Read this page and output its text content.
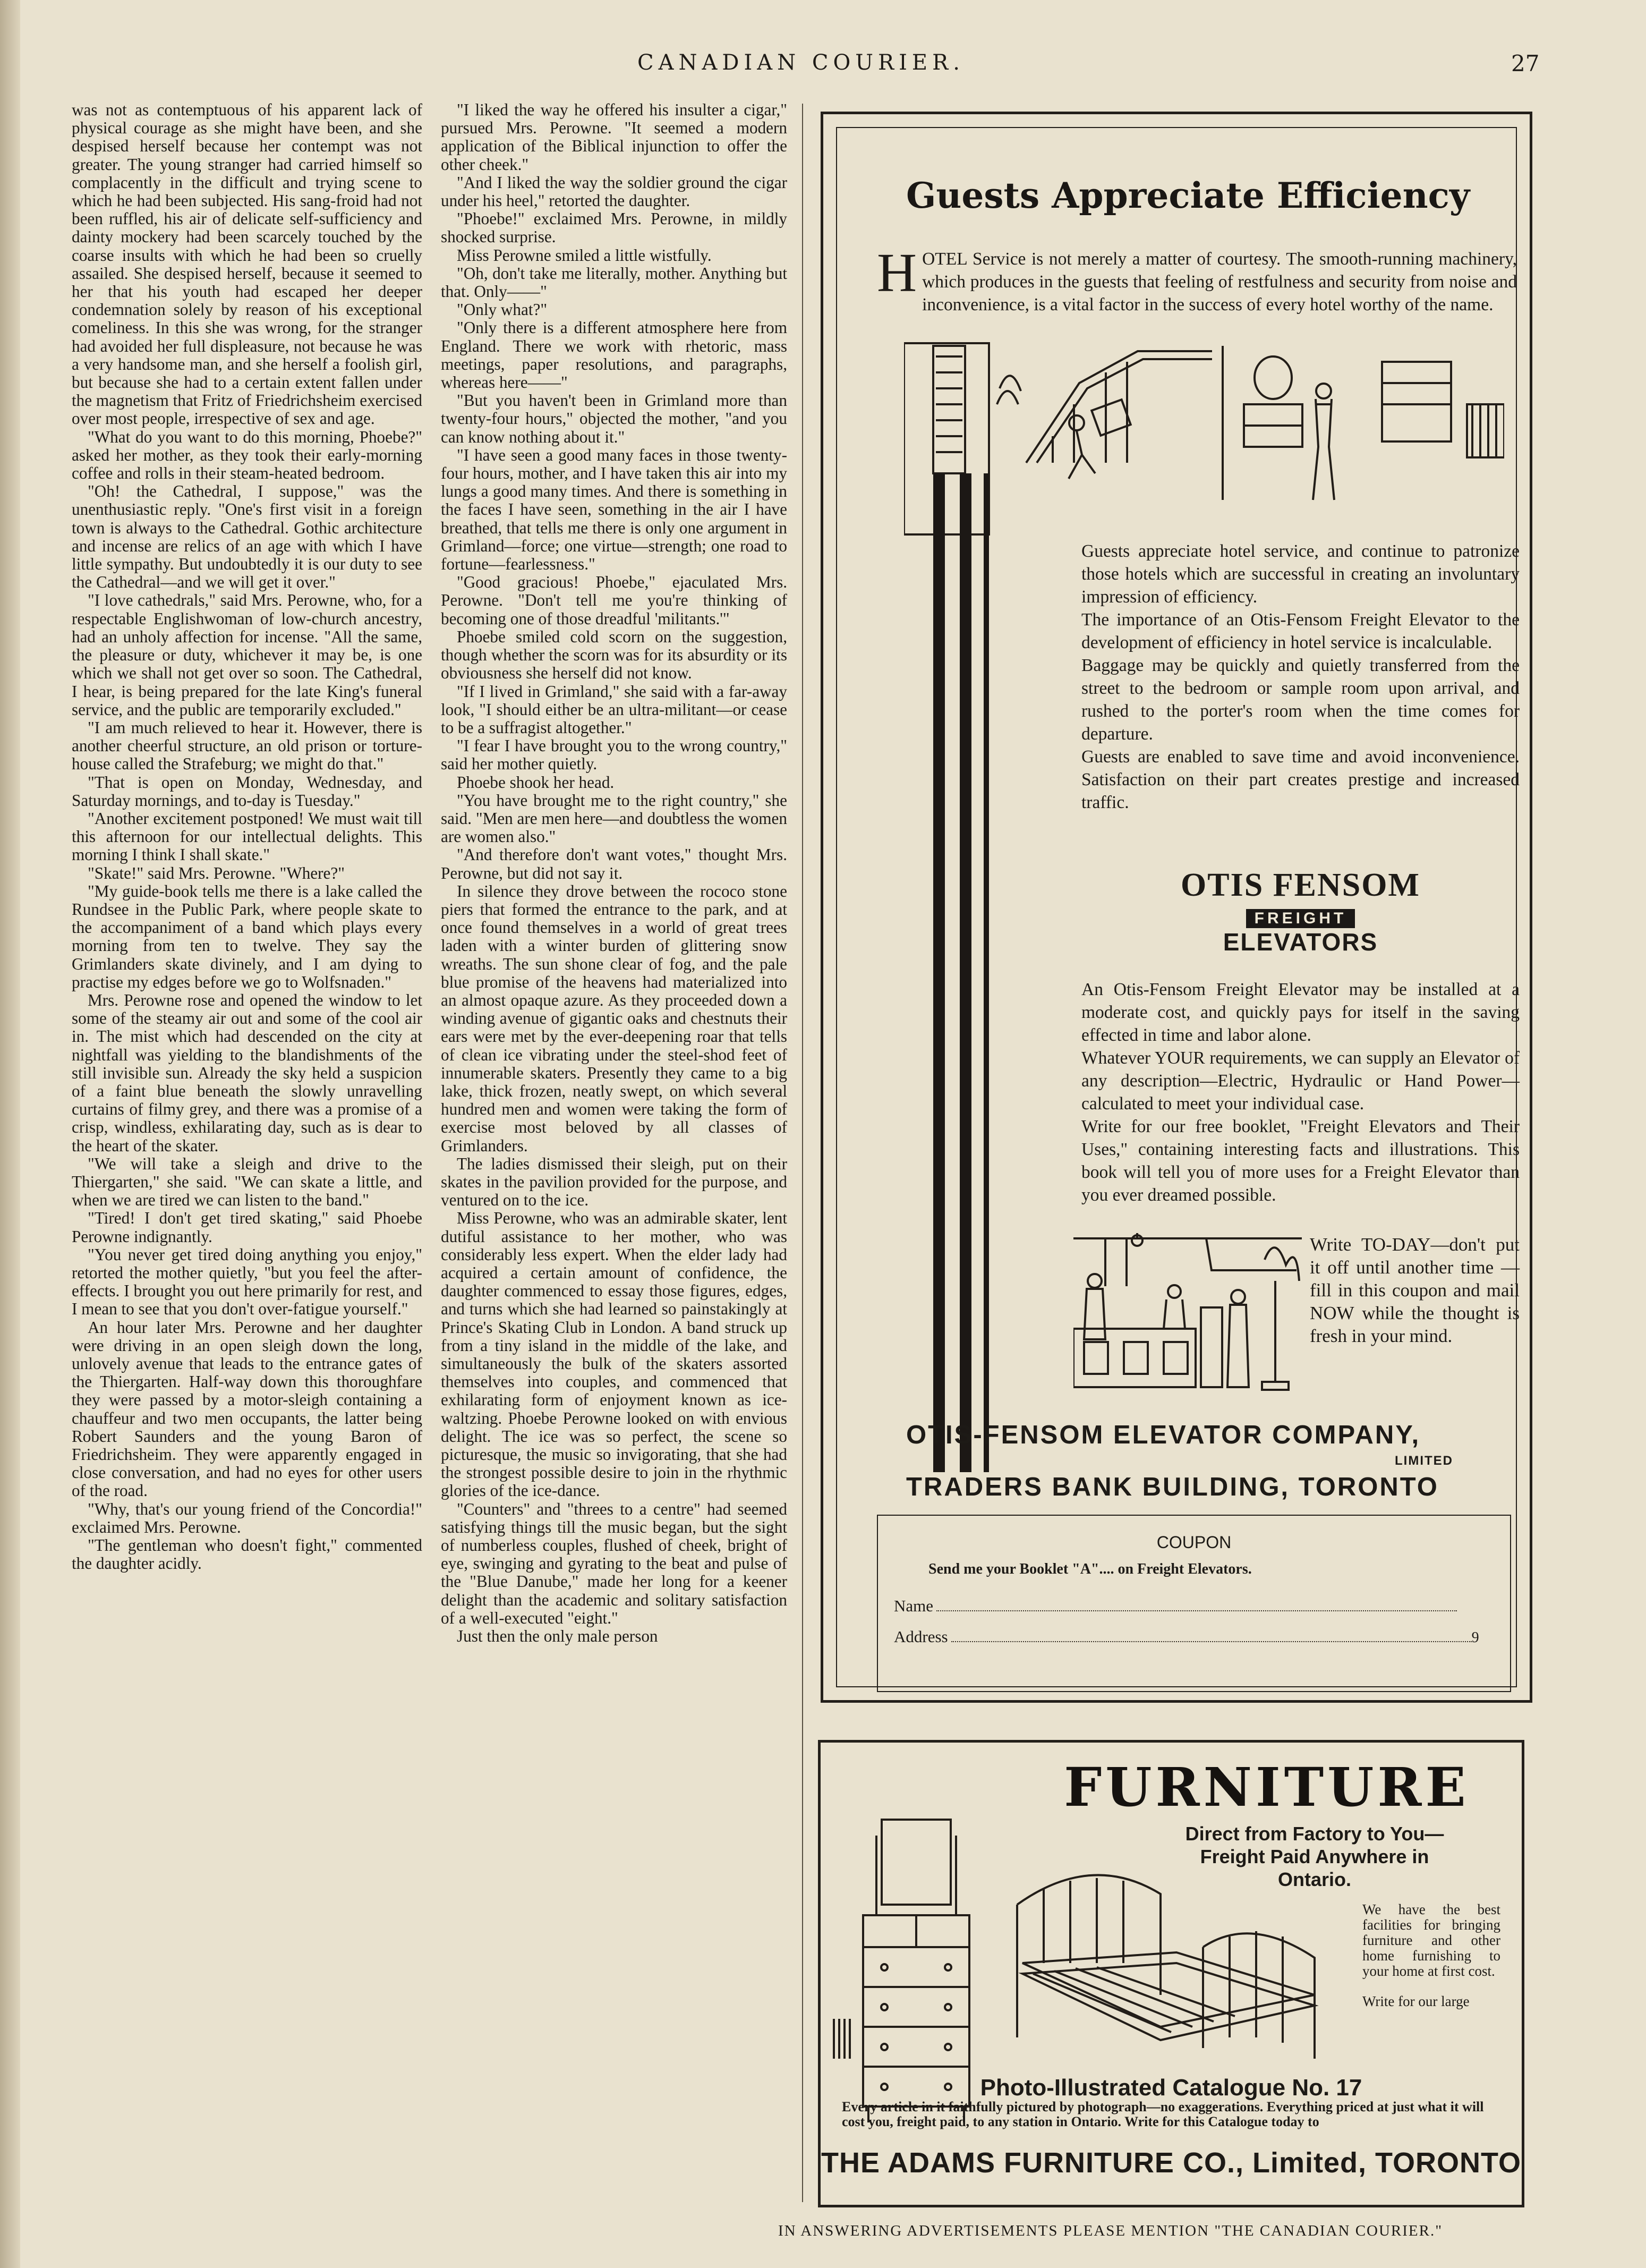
CANADIAN COURIER.	27

was not as contemptuous of his apparent lack of physical courage as she might have been, and she despised herself because her contempt was not greater. The young stranger had carried himself so complacently in the difficult and trying scene to which he had been subjected. His sang-froid had not been ruffled, his air of delicate self-sufficiency and dainty mockery had been scarcely touched by the coarse insults with which he had been so cruelly assailed. She despised herself, because it seemed to her that his youth had escaped her deeper condemnation solely by reason of his exceptional comeliness. In this she was wrong, for the stranger had avoided her full displeasure, not because he was a very handsome man, and she herself a foolish girl, but because she had to a certain extent fallen under the magnetism that Fritz of Friedrichsheim exercised over most people, irrespective of sex and age.

"What do you want to do this morning, Phoebe?" asked her mother, as they took their early-morning coffee and rolls in their steam-heated bedroom.

"Oh! the Cathedral, I suppose," was the unenthusiastic reply. "One's first visit in a foreign town is always to the Cathedral. Gothic architecture and incense are relics of an age with which I have little sympathy. But undoubtedly it is our duty to see the Cathedral—and we will get it over."

"I love cathedrals," said Mrs. Perowne, who, for a respectable Englishwoman of low-church ancestry, had an unholy affection for incense. "All the same, the pleasure or duty, whichever it may be, is one which we shall not get over so soon. The Cathedral, I hear, is being prepared for the late King's funeral service, and the public are temporarily excluded."

"I am much relieved to hear it. However, there is another cheerful structure, an old prison or torture-house called the Strafeburg; we might do that."

"That is open on Monday, Wednesday, and Saturday mornings, and to-day is Tuesday."

"Another excitement postponed! We must wait till this afternoon for our intellectual delights. This morning I think I shall skate."

"Skate!" said Mrs. Perowne. "Where?"

"My guide-book tells me there is a lake called the Rundsee in the Public Park, where people skate to the accompaniment of a band which plays every morning from ten to twelve. They say the Grimlanders skate divinely, and I am dying to practise my edges before we go to Wolfsnaden."

Mrs. Perowne rose and opened the window to let some of the steamy air out and some of the cool air in. The mist which had descended on the city at nightfall was yielding to the blandishments of the still invisible sun. Already the sky held a suspicion of a faint blue beneath the slowly unravelling curtains of filmy grey, and there was a promise of a crisp, windless, exhilarating day, such as is dear to the heart of the skater.

"We will take a sleigh and drive to the Thiergarten," she said. "We can skate a little, and when we are tired we can listen to the band."

"Tired! I don't get tired skating," said Phoebe Perowne indignantly.

"You never get tired doing anything you enjoy," retorted the mother quietly, "but you feel the after-effects. I brought you out here primarily for rest, and I mean to see that you don't over-fatigue yourself."

An hour later Mrs. Perowne and her daughter were driving in an open sleigh down the long, unlovely avenue that leads to the entrance gates of the Thiergarten. Half-way down this thoroughfare they were passed by a motor-sleigh containing a chauffeur and two men occupants, the latter being Robert Saunders and the young Baron of Friedrichsheim. They were apparently engaged in close conversation, and had no eyes for other users of the road.

"Why, that's our young friend of the Concordia!" exclaimed Mrs. Perowne.

"The gentleman who doesn't fight," commented the daughter acidly.

"I liked the way he offered his insulter a cigar," pursued Mrs. Perowne. "It seemed a modern application of the Biblical injunction to offer the other cheek."

"And I liked the way the soldier ground the cigar under his heel," retorted the daughter.

"Phoebe!" exclaimed Mrs. Perowne, in mildly shocked surprise.

Miss Perowne smiled a little wistfully.

"Oh, don't take me literally, mother. Anything but that. Only——"

"Only what?"

"Only there is a different atmosphere here from England. There we work with rhetoric, mass meetings, paper resolutions, and paragraphs, whereas here——"

"But you haven't been in Grimland more than twenty-four hours," objected the mother, "and you can know nothing about it."

"I have seen a good many faces in those twenty-four hours, mother, and I have taken this air into my lungs a good many times. And there is something in the faces I have seen, something in the air I have breathed, that tells me there is only one argument in Grimland—force; one virtue—strength; one road to fortune—fearlessness."

"Good gracious! Phoebe," ejaculated Mrs. Perowne. "Don't tell me you're thinking of becoming one of those dreadful 'militants.'"

Phoebe smiled cold scorn on the suggestion, though whether the scorn was for its absurdity or its obviousness she herself did not know.

"If I lived in Grimland," she said with a far-away look, "I should either be an ultra-militant—or cease to be a suffragist altogether."

"I fear I have brought you to the wrong country," said her mother quietly.

Phoebe shook her head.

"You have brought me to the right country," she said. "Men are men here—and doubtless the women are women also."

"And therefore don't want votes," thought Mrs. Perowne, but did not say it.

In silence they drove between the rococo stone piers that formed the entrance to the park, and at once found themselves in a world of great trees laden with a winter burden of glittering snow wreaths. The sun shone clear of fog, and the pale blue promise of the heavens had materialized into an almost opaque azure. As they proceeded down a winding avenue of gigantic oaks and chestnuts their ears were met by the ever-deepening roar that tells of clean ice vibrating under the steel-shod feet of innumerable skaters. Presently they came to a big lake, thick frozen, neatly swept, on which several hundred men and women were taking the form of exercise most beloved by all classes of Grimlanders.

The ladies dismissed their sleigh, put on their skates in the pavilion provided for the purpose, and ventured on to the ice.

Miss Perowne, who was an admirable skater, lent dutiful assistance to her mother, who was considerably less expert. When the elder lady had acquired a certain amount of confidence, the daughter commenced to essay those figures, edges, and turns which she had learned so painstakingly at Prince's Skating Club in London. A band struck up from a tiny island in the middle of the lake, and simultaneously the bulk of the skaters assorted themselves into couples, and commenced that exhilarating form of enjoyment known as ice-waltzing. Phoebe Perowne looked on with envious delight. The ice was so perfect, the scene so picturesque, the music so invigorating, that she had the strongest possible desire to join in the rhythmic glories of the ice-dance.

"Counters" and "threes to a centre" had seemed satisfying things till the music began, but the sight of numberless couples, flushed of cheek, bright of eye, swinging and gyrating to the beat and pulse of the "Blue Danube," made her long for a keener delight than the academic and solitary satisfaction of a well-executed "eight."

Just then the only male person

Guests Appreciate Efficiency
HOTEL Service is not merely a matter of courtesy. The smooth-running machinery, which produces in the guests that feeling of restfulness and security from noise and inconvenience, is a vital factor in the success of every hotel worthy of the name.

Guests appreciate hotel service, and continue to patronize those hotels which are successful in creating an involuntary impression of efficiency.

The importance of an Otis-Fensom Freight Elevator to the development of efficiency in hotel service is incalculable.

Baggage may be quickly and quietly transferred from the street to the bedroom or sample room upon arrival, and rushed to the porter's room when the time comes for departure.

Guests are enabled to save time and avoid inconvenience. Satisfaction on their part creates prestige and increased traffic.

OTIS FENSOM
FREIGHT
ELEVATORS

An Otis-Fensom Freight Elevator may be installed at a moderate cost, and quickly pays for itself in the saving effected in time and labor alone.

Whatever YOUR requirements, we can supply an Elevator of any description—Electric, Hydraulic or Hand Power—calculated to meet your individual case.

Write for our free booklet, "Freight Elevators and Their Uses," containing interesting facts and illustrations. This book will tell you of more uses for a Freight Elevator than you ever dreamed possible.

Write TO-DAY—don't put it off until another time — fill in this coupon and mail NOW while the thought is fresh in your mind.
OTIS-FENSOM ELEVATOR COMPANY,
LIMITED
TRADERS BANK BUILDING, TORONTO
COUPON
Send me your Booklet "A".... on Freight Elevators.
Name
Address	9
FURNITURE
Direct from Factory to You— Freight Paid Anywhere in Ontario.

We have the best facilities for bringing furniture and other home furnishing to your home at first cost.

Write for our large

Photo-Illustrated Catalogue No. 17
Every article in it faithfully pictured by photograph—no exaggerations. Everything priced at just what it will cost you, freight paid, to any station in Ontario. Write for this Catalogue today to
THE ADAMS FURNITURE CO., Limited, TORONTO
IN ANSWERING ADVERTISEMENTS PLEASE MENTION "THE CANADIAN COURIER."
